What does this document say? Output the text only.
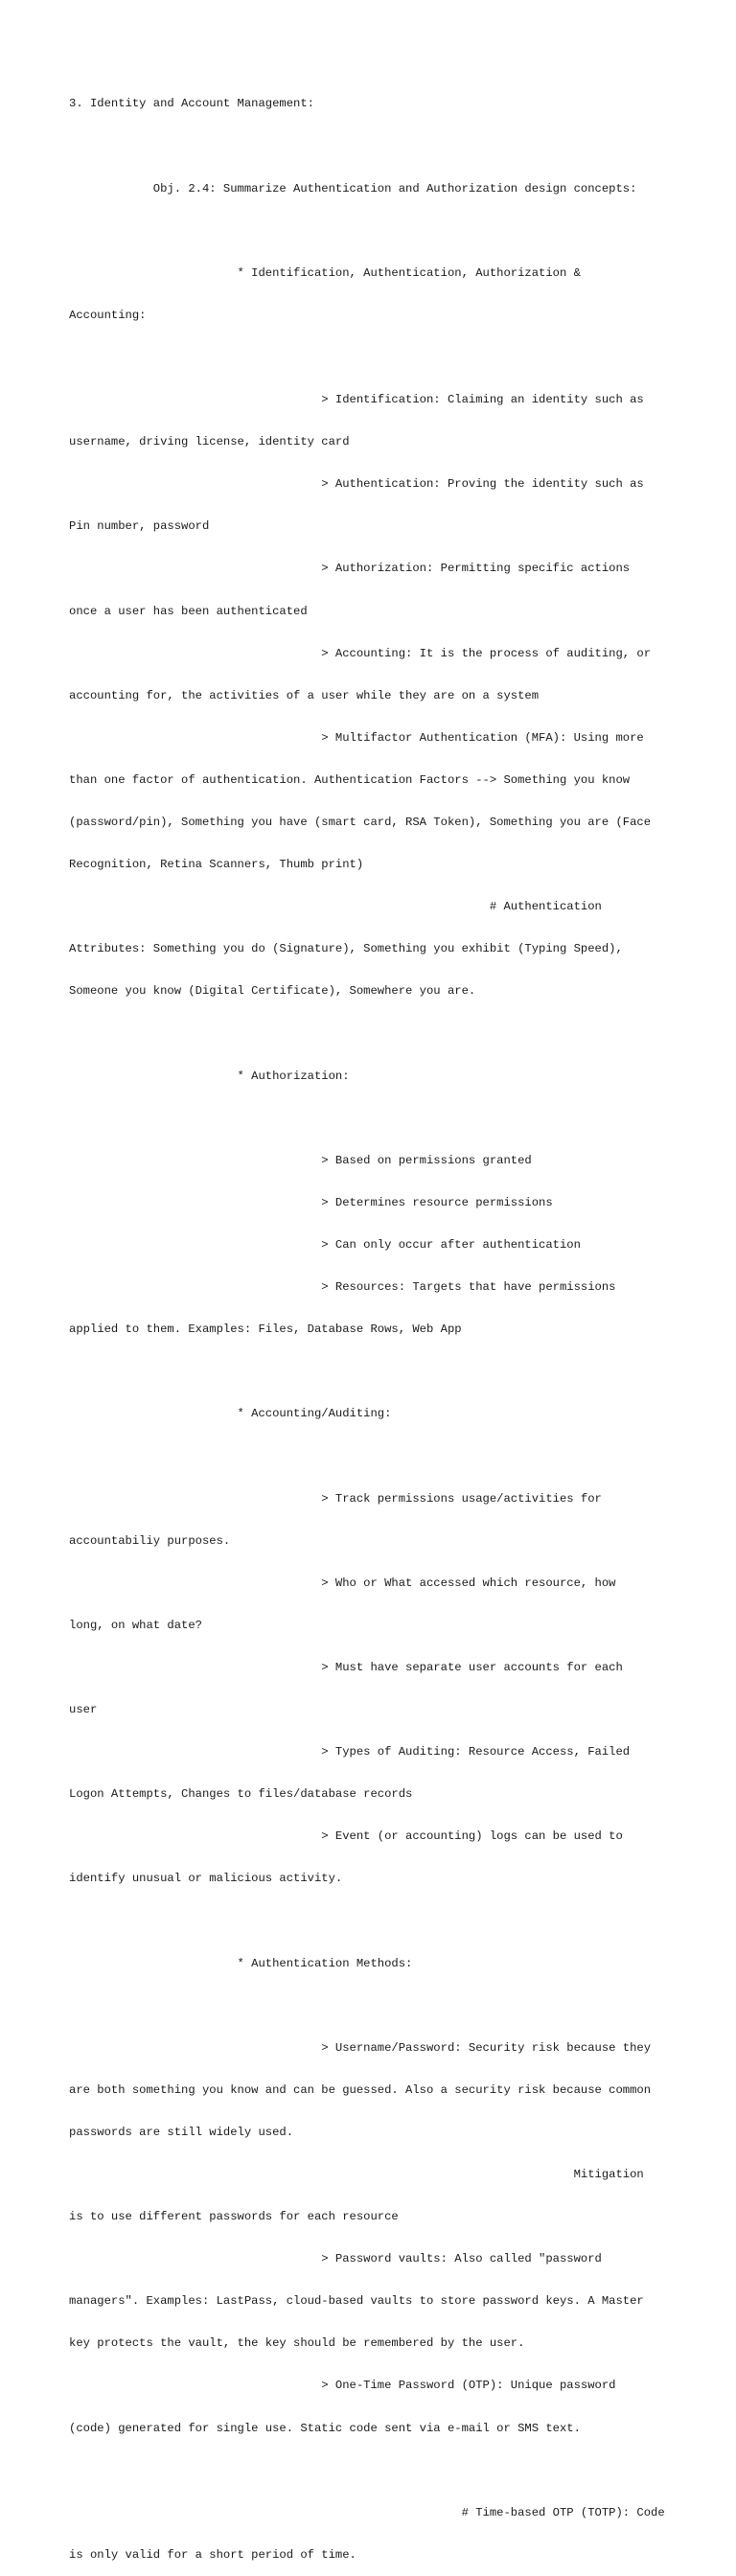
3. Identity and Account Management:

Obj. 2.4: Summarize Authentication and Authorization design concepts:

* Identification, Authentication, Authorization &

Accounting:

> Identification: Claiming an identity such as

username, driving license, identity card

> Authentication: Proving the identity such as

Pin number, password

> Authorization: Permitting specific actions

once a user has been authenticated

> Accounting: It is the process of auditing, or

accounting for, the activities of a user while they are on a system

> Multifactor Authentication (MFA): Using more

than one factor of authentication. Authentication Factors --> Something you know

(password/pin), Something you have (smart card, RSA Token), Something you are (Face

Recognition, Retina Scanners, Thumb print)

# Authentication

Attributes: Something you do (Signature), Something you exhibit (Typing Speed),

Someone you know (Digital Certificate), Somewhere you are.

* Authorization:

> Based on permissions granted

> Determines resource permissions

> Can only occur after authentication

> Resources: Targets that have permissions

applied to them. Examples: Files, Database Rows, Web App

* Accounting/Auditing:

> Track permissions usage/activities for

accountabiliy purposes.

> Who or What accessed which resource, how

long, on what date?

> Must have separate user accounts for each

user

> Types of Auditing: Resource Access, Failed

Logon Attempts, Changes to files/database records

> Event (or accounting) logs can be used to

identify unusual or malicious activity.

* Authentication Methods:

> Username/Password: Security risk because they

are both something you know and can be guessed. Also a security risk because common

passwords are still widely used.

Mitigation

is to use different passwords for each resource

> Password vaults: Also called "password

managers". Examples: LastPass, cloud-based vaults to store password keys. A Master

key protects the vault, the key should be remembered by the user.

> One-Time Password (OTP): Unique password

(code) generated for single use. Static code sent via e-mail or SMS text.

# Time-based OTP (TOTP): Code

is only valid for a short period of time.
